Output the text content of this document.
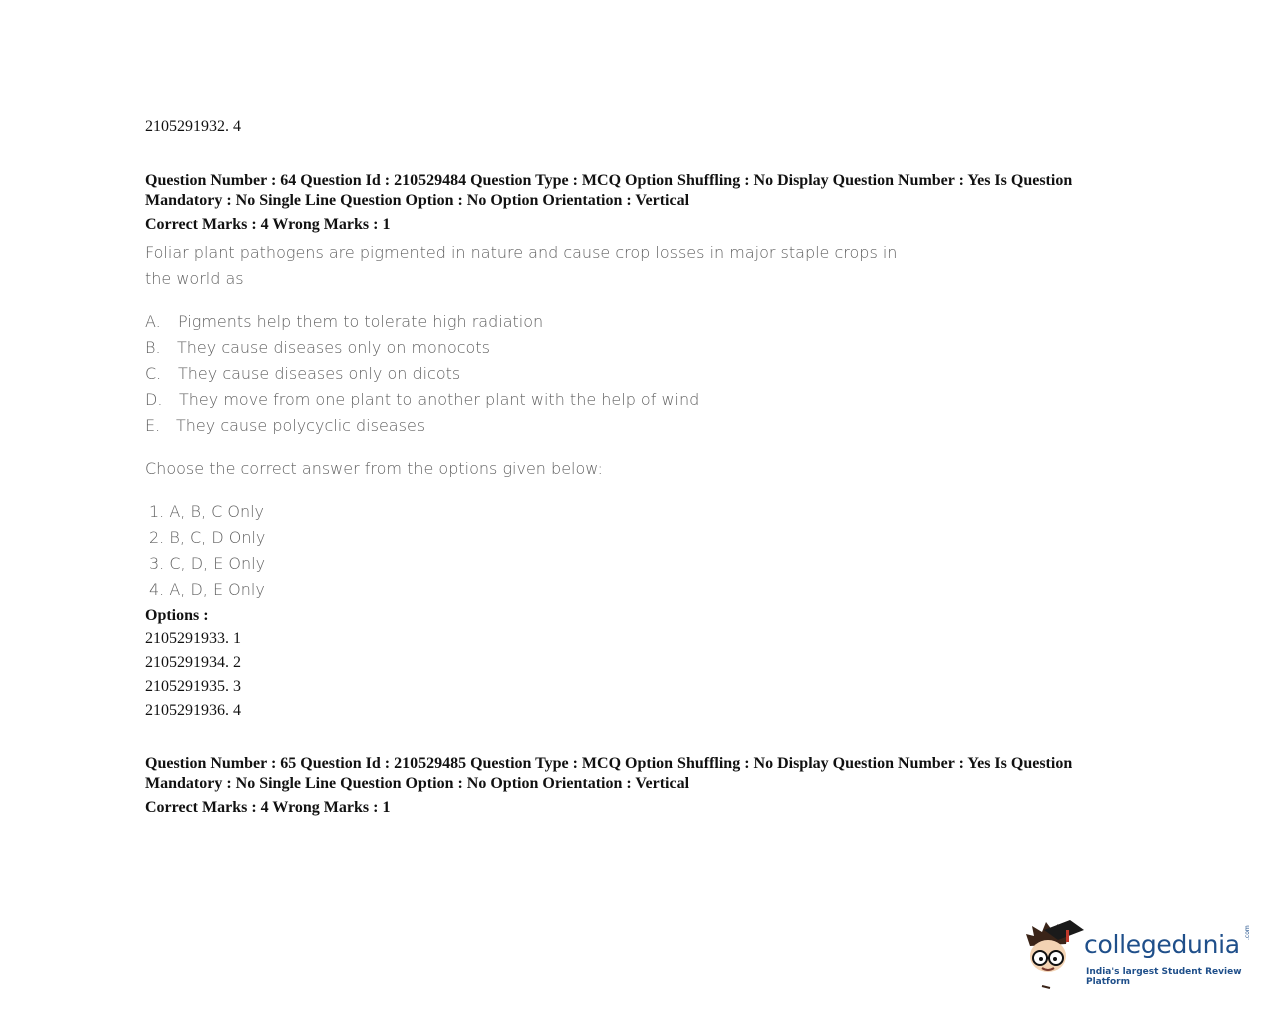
2105291932. 4
Question Number : 64 Question Id : 210529484 Question Type : MCQ Option Shuffling : No Display Question Number : Yes Is Question
Mandatory : No Single Line Question Option : No Option Orientation : Vertical
Correct Marks : 4 Wrong Marks : 1
Foliar plant pathogens are pigmented in nature and cause crop losses in major staple crops in
the world as
A. Pigments help them to tolerate high radiation
B. They cause diseases only on monocots
C. They cause diseases only on dicots
D. They move from one plant to another plant with the help of wind
E. They cause polycyclic diseases
Choose the correct answer from the options given below:
1. A, B, C Only
2. B, C, D Only
3. C, D, E Only
4. A, D, E Only
Options :
2105291933. 1
2105291934. 2
2105291935. 3
2105291936. 4
Question Number : 65 Question Id : 210529485 Question Type : MCQ Option Shuffling : No Display Question Number : Yes Is Question
Mandatory : No Single Line Question Option : No Option Orientation : Vertical
Correct Marks : 4 Wrong Marks : 1
collegedunia .com
India's largest Student Review Platform
